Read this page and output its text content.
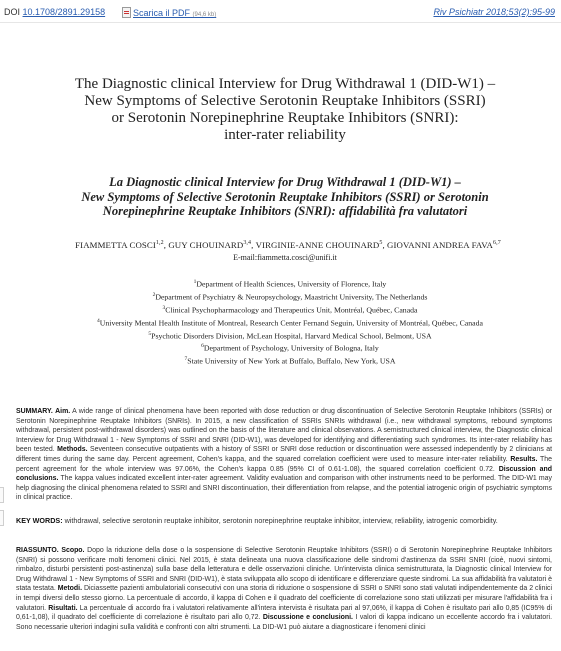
DOI 10.1708/2891.29158	Scarica il PDF (94,6 kb)	Riv Psichiatr 2018;53(2):95-99
The Diagnostic clinical Interview for Drug Withdrawal 1 (DID-W1) –
New Symptoms of Selective Serotonin Reuptake Inhibitors (SSRI)
or Serotonin Norepinephrine Reuptake Inhibitors (SNRI):
inter-rater reliability
La Diagnostic clinical Interview for Drug Withdrawal 1 (DID-W1) –
New Symptoms of Selective Serotonin Reuptake Inhibitors (SSRI) or Serotonin
Norepinephrine Reuptake Inhibitors (SNRI): affidabilità fra valutatori
FIAMMETTA COSCI$^{1,2}$, GUY CHOUINARD$^{3,4}$, VIRGINIE-ANNE CHOUINARD$^5$, GIOVANNI ANDREA FAVA$^{6,7}$
E-mail:fiammetta.cosci@unifi.it
$^1$Department of Health Sciences, University of Florence, Italy
$^2$Department of Psychiatry & Neuropsychology, Maastricht University, The Netherlands
$^3$Clinical Psychopharmacology and Therapeutics Unit, Montréal, Québec, Canada
$^4$University Mental Health Institute of Montreal, Research Center Fernand Seguin, University of Montréal, Québec, Canada
$^5$Psychotic Disorders Division, McLean Hospital, Harvard Medical School, Belmont, USA
$^6$Department of Psychology, University of Bologna, Italy
$^7$State University of New York at Buffalo, Buffalo, New York, USA

SUMMARY. Aim. A wide range of clinical phenomena have been reported with dose reduction or drug discontinuation of Selective Serotonin Reuptake Inhibitors (SSRIs) or Serotonin Norepinephrine Reuptake Inhibitors (SNRIs). In 2015, a new classification of SSRIs SNRIs withdrawal (i.e., new withdrawal symptoms, rebound symptoms withdrawal, persistent post-withdrawal disorders) was outlined on the basis of the literature and clinical observations. A semistructured clinical interview, the Diagnostic clinical Interview for Drug Withdrawal 1 - New Symptoms of SSRI and SNRI (DID-W1), was developed for identifying and differentiating such syndromes. Its inter-rater reliability has been tested. Methods. Seventeen consecutive outpatients with a history of SSRI or SNRI dose reduction or discontinuation were assessed independently by 2 clinicians at different times during the same day. Percent agreement, Cohen's kappa, and the squared correlation coefficient were used to measure inter-rater reliability. Results. The percent agreement for the whole interview was 97.06%, the Cohen's kappa 0.85 (95% CI of 0.61-1.08), the squared correlation coefficient 0.72. Discussion and conclusions. The kappa values indicated excellent inter-rater agreement. Validity evaluation and comparison with other instruments need to be performed. The DID-W1 may help diagnosing the clinical phenomena related to SSRI and SNRI discontinuation, their differentiation from relapse, and the potential iatrogenic origin of psychiatric symptoms in clinical practice.

KEY WORDS: withdrawal, selective serotonin reuptake inhibitor, serotonin norepinephrine reuptake inhibitor, interview, reliability, iatrogenic comorbidity.

RIASSUNTO. Scopo. Dopo la riduzione della dose o la sospensione di Selective Serotonin Reuptake Inhibitors (SSRI) o di Serotonin Norepinephrine Reuptake Inhibitors (SNRI) si possono verificare molti fenomeni clinici. Nel 2015, è stata delineata una nuova classificazione delle sindromi d'astinenza da SSRI SNRI (cioè, nuovi sintomi, rimbalzo, disturbi persistenti post-astinenza) sulla base della letteratura e delle osservazioni cliniche. Un'intervista clinica semistrutturata, la Diagnostic clinical Interview for Drug Withdrawal 1 - New Symptoms of SSRI and SNRI (DID-W1), è stata sviluppata allo scopo di identificare e differenziare queste sindromi. La sua affidabilità fra valutatori è stata testata. Metodi. Diciassette pazienti ambulatoriali consecutivi con una storia di riduzione o sospensione di SSRI o SNRI sono stati valutati indipendentemente da 2 clinici in tempi diversi dello stesso giorno. La percentuale di accordo, il kappa di Cohen e il quadrato del coefficiente di correlazione sono stati utilizzati per misurare l'affidabilità fra i valutatori. Risultati. La percentuale di accordo fra i valutatori relativamente all'intera intervista è risultata pari al 97,06%, il kappa di Cohen è risultato pari allo 0,85 (IC95% di 0,61-1,08), il quadrato del coefficiente di correlazione è risultato pari allo 0,72. Discussione e conclusioni. I valori di kappa indicano un eccellente accordo fra i valutatori. Sono necessarie ulteriori indagini sulla validità e confronti con altri strumenti. La DID-W1 può aiutare a diagnosticare i fenomeni clinici
